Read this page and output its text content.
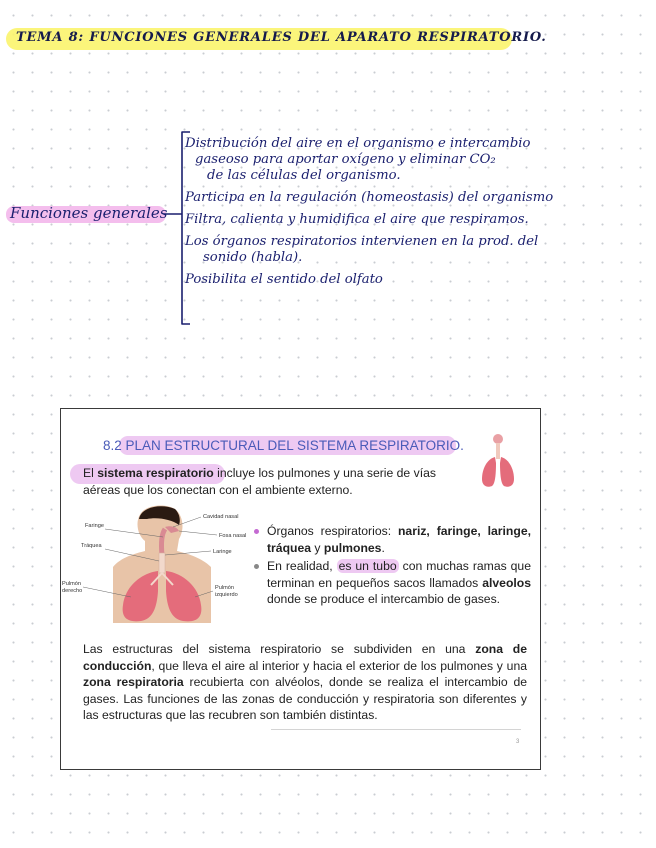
TEMA 8: FUNCIONES GENERALES DEL APARATO RESPIRATORIO.
Funciones generales
Distribución del aire en el organismo e intercambio
gaseoso para aportar oxígeno y eliminar CO₂
de las células del organismo.
Participa en la regulación (homeostasis) del organismo
Filtra, calienta y humidifica el aire que respiramos.
Los órganos respiratorios intervienen en la prod. del
sonido (habla).
Posibilita el sentido del olfato
8.2 PLAN ESTRUCTURAL DEL SISTEMA RESPIRATORIO.
El sistema respiratorio incluye los pulmones y una serie de vías aéreas que los conectan con el ambiente externo.
Faringe
Tráquea
Pulmón
derecho
Cavidad nasal
Fosa nasal
Laringe
Pulmón
izquierdo
Órganos respiratorios: nariz, faringe, laringe, tráquea y pulmones.
En realidad, es un tubo con muchas ramas que terminan en pequeños sacos llamados alveolos donde se produce el intercambio de gases.
Las estructuras del sistema respiratorio se subdividen en una zona de conducción, que lleva el aire al interior y hacia el exterior de los pulmones y una zona respiratoria recubierta con alvéolos, donde se realiza el intercambio de gases. Las funciones de las zonas de conducción y respiratoria son diferentes y las estructuras que las recubren son también distintas.
3
